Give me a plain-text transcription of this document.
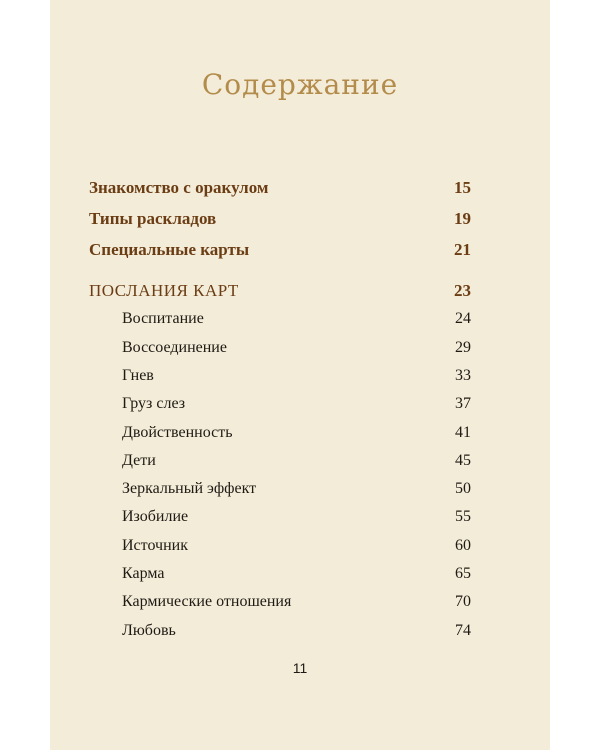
Содержание
Знакомство с оракулом	15
Типы раскладов	19
Специальные карты	21
ПОСЛАНИЯ КАРТ	23
Воспитание	24
Воссоединение	29
Гнев	33
Груз слез	37
Двойственность	41
Дети	45
Зеркальный эффект	50
Изобилие	55
Источник	60
Карма	65
Кармические отношения	70
Любовь	74
11
